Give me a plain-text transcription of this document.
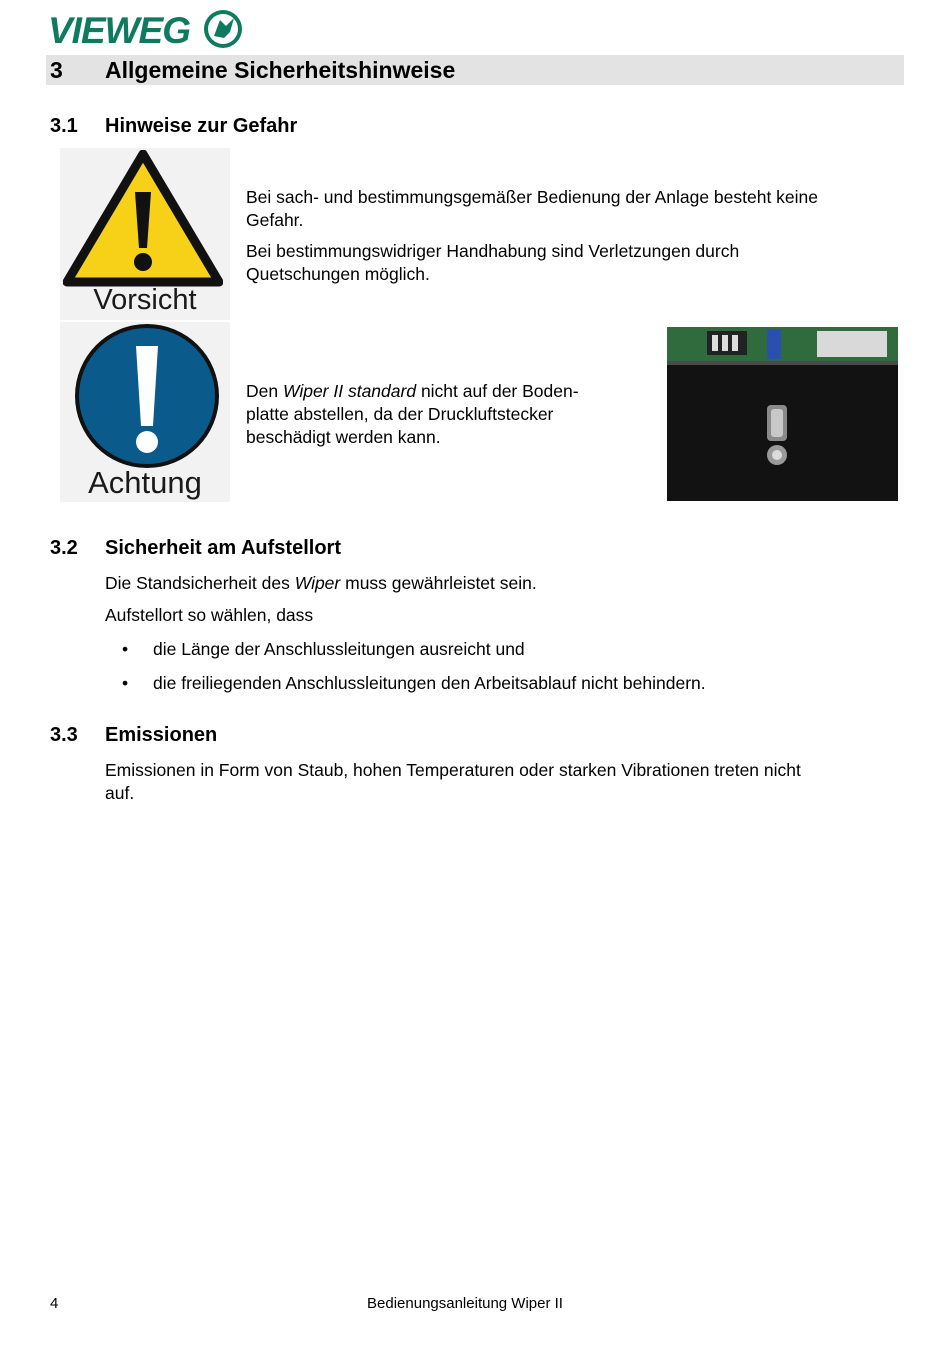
VIEWEG
3 Allgemeine Sicherheitshinweise
3.1 Hinweise zur Gefahr
Vorsicht
Achtung
Bei sach- und bestimmungsgemäßer Bedienung der Anlage besteht keine
Gefahr.
Bei bestimmungswidriger Handhabung sind Verletzungen durch
Quetschungen möglich.
Den Wiper II standard nicht auf der Boden-
platte abstellen, da der Druckluftstecker
beschädigt werden kann.
3.2 Sicherheit am Aufstellort
Die Standsicherheit des Wiper muss gewährleistet sein.
Aufstellort so wählen, dass
• die Länge der Anschlussleitungen ausreicht und
• die freiliegenden Anschlussleitungen den Arbeitsablauf nicht behindern.
3.3 Emissionen
Emissionen in Form von Staub, hohen Temperaturen oder starken Vibrationen treten nicht
auf.
4	Bedienungsanleitung Wiper II
